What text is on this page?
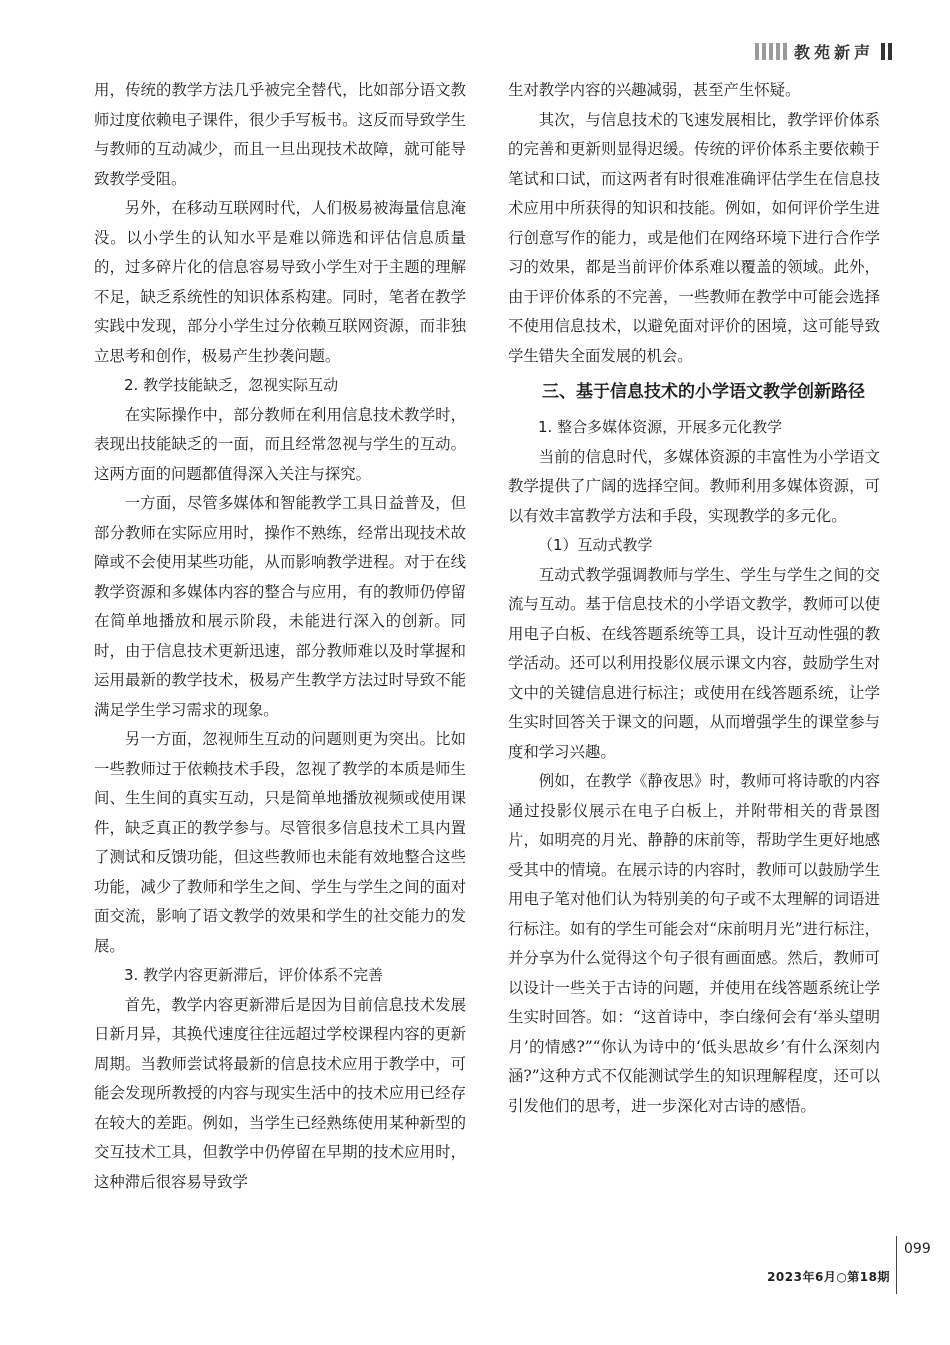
教苑新声

用，传统的教学方法几乎被完全替代，比如部分语文教师过度依赖电子课件，很少手写板书。这反而导致学生与教师的互动减少，而且一旦出现技术故障，就可能导致教学受阻。

另外，在移动互联网时代，人们极易被海量信息淹没。以小学生的认知水平是难以筛选和评估信息质量的，过多碎片化的信息容易导致小学生对于主题的理解不足，缺乏系统性的知识体系构建。同时，笔者在教学实践中发现，部分小学生过分依赖互联网资源，而非独立思考和创作，极易产生抄袭问题。

2. 教学技能缺乏，忽视实际互动

在实际操作中，部分教师在利用信息技术教学时，表现出技能缺乏的一面，而且经常忽视与学生的互动。这两方面的问题都值得深入关注与探究。

一方面，尽管多媒体和智能教学工具日益普及，但部分教师在实际应用时，操作不熟练，经常出现技术故障或不会使用某些功能，从而影响教学进程。对于在线教学资源和多媒体内容的整合与应用，有的教师仍停留在简单地播放和展示阶段，未能进行深入的创新。同时，由于信息技术更新迅速，部分教师难以及时掌握和运用最新的教学技术，极易产生教学方法过时导致不能满足学生学习需求的现象。

另一方面，忽视师生互动的问题则更为突出。比如一些教师过于依赖技术手段，忽视了教学的本质是师生间、生生间的真实互动，只是简单地播放视频或使用课件，缺乏真正的教学参与。尽管很多信息技术工具内置了测试和反馈功能，但这些教师也未能有效地整合这些功能，减少了教师和学生之间、学生与学生之间的面对面交流，影响了语文教学的效果和学生的社交能力的发展。

3. 教学内容更新滞后，评价体系不完善

首先，教学内容更新滞后是因为目前信息技术发展日新月异，其换代速度往往远超过学校课程内容的更新周期。当教师尝试将最新的信息技术应用于教学中，可能会发现所教授的内容与现实生活中的技术应用已经存在较大的差距。例如，当学生已经熟练使用某种新型的交互技术工具，但教学中仍停留在早期的技术应用时，这种滞后很容易导致学

生对教学内容的兴趣减弱，甚至产生怀疑。

其次，与信息技术的飞速发展相比，教学评价体系的完善和更新则显得迟缓。传统的评价体系主要依赖于笔试和口试，而这两者有时很难准确评估学生在信息技术应用中所获得的知识和技能。例如，如何评价学生进行创意写作的能力，或是他们在网络环境下进行合作学习的效果，都是当前评价体系难以覆盖的领域。此外，由于评价体系的不完善，一些教师在教学中可能会选择不使用信息技术，以避免面对评价的困境，这可能导致学生错失全面发展的机会。

三、基于信息技术的小学语文教学创新路径

1. 整合多媒体资源，开展多元化教学

当前的信息时代，多媒体资源的丰富性为小学语文教学提供了广阔的选择空间。教师利用多媒体资源，可以有效丰富教学方法和手段，实现教学的多元化。

（1）互动式教学

互动式教学强调教师与学生、学生与学生之间的交流与互动。基于信息技术的小学语文教学，教师可以使用电子白板、在线答题系统等工具，设计互动性强的教学活动。还可以利用投影仪展示课文内容，鼓励学生对文中的关键信息进行标注；或使用在线答题系统，让学生实时回答关于课文的问题，从而增强学生的课堂参与度和学习兴趣。

例如，在教学《静夜思》时，教师可将诗歌的内容通过投影仪展示在电子白板上，并附带相关的背景图片，如明亮的月光、静静的床前等，帮助学生更好地感受其中的情境。在展示诗的内容时，教师可以鼓励学生用电子笔对他们认为特别美的句子或不太理解的词语进行标注。如有的学生可能会对“床前明月光”进行标注，并分享为什么觉得这个句子很有画面感。然后，教师可以设计一些关于古诗的问题，并使用在线答题系统让学生实时回答。如：“这首诗中，李白缘何会有‘举头望明月’的情感?”“你认为诗中的‘低头思故乡’有什么深刻内涵?”这种方式不仅能测试学生的知识理解程度，还可以引发他们的思考，进一步深化对古诗的感悟。

099
2023年6月○第18期
